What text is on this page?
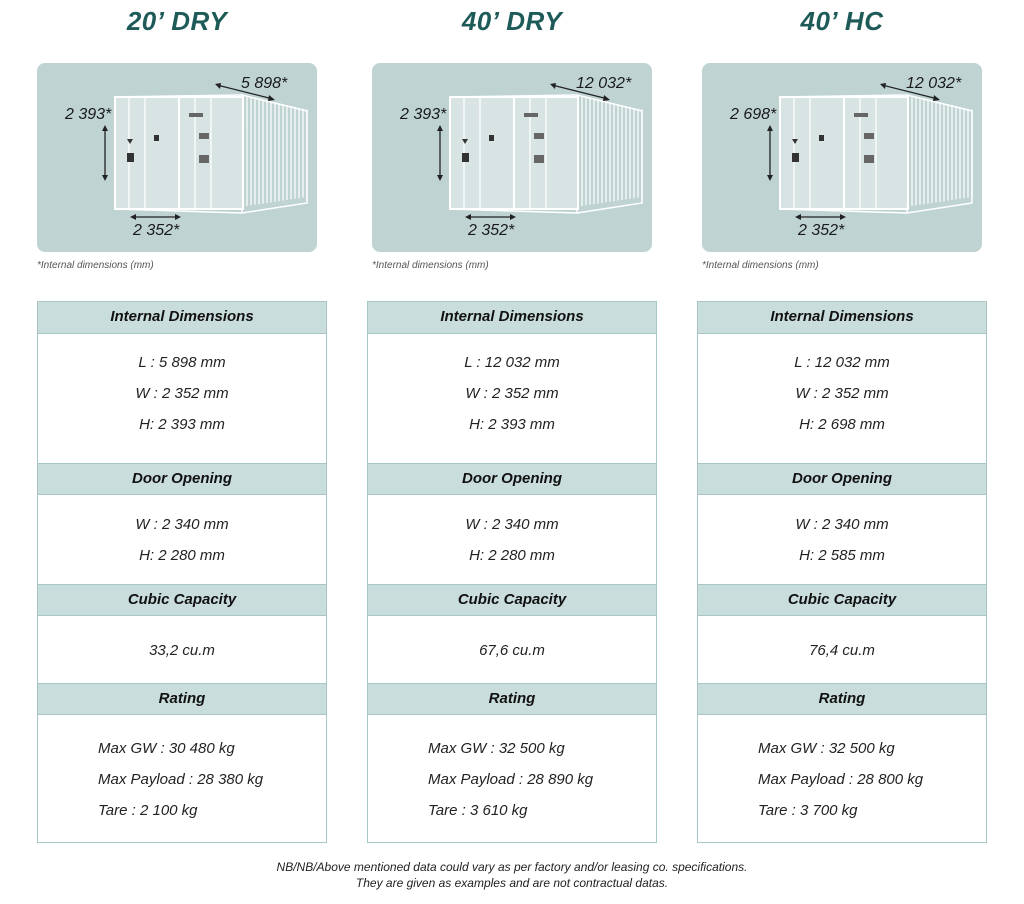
20’ DRY
5 898*
2 393*
2 352*
*Internal dimensions (mm)
Internal Dimensions
L : 5 898 mm
W : 2 352 mm
H: 2 393 mm
Door Opening
W : 2 340 mm
H: 2 280 mm
Cubic Capacity
33,2 cu.m
Rating
Max GW : 30 480 kg
Max Payload : 28 380 kg
Tare : 2 100 kg
40’ DRY
12 032*
2 393*
2 352*
*Internal dimensions (mm)
Internal Dimensions
L : 12 032 mm
W : 2 352 mm
H: 2 393 mm
Door Opening
W : 2 340 mm
H: 2 280 mm
Cubic Capacity
67,6 cu.m
Rating
Max GW : 32 500 kg
Max Payload : 28 890 kg
Tare : 3 610 kg
40’ HC
12 032*
2 698*
2 352*
*Internal dimensions (mm)
Internal Dimensions
L : 12 032 mm
W : 2 352 mm
H: 2 698 mm
Door Opening
W : 2 340 mm
H: 2 585 mm
Cubic Capacity
76,4 cu.m
Rating
Max GW : 32 500 kg
Max Payload : 28 800 kg
Tare : 3 700 kg
NB/NB/Above mentioned data could vary as per factory and/or leasing co. specifications.
They are given as examples and are not contractual datas.
